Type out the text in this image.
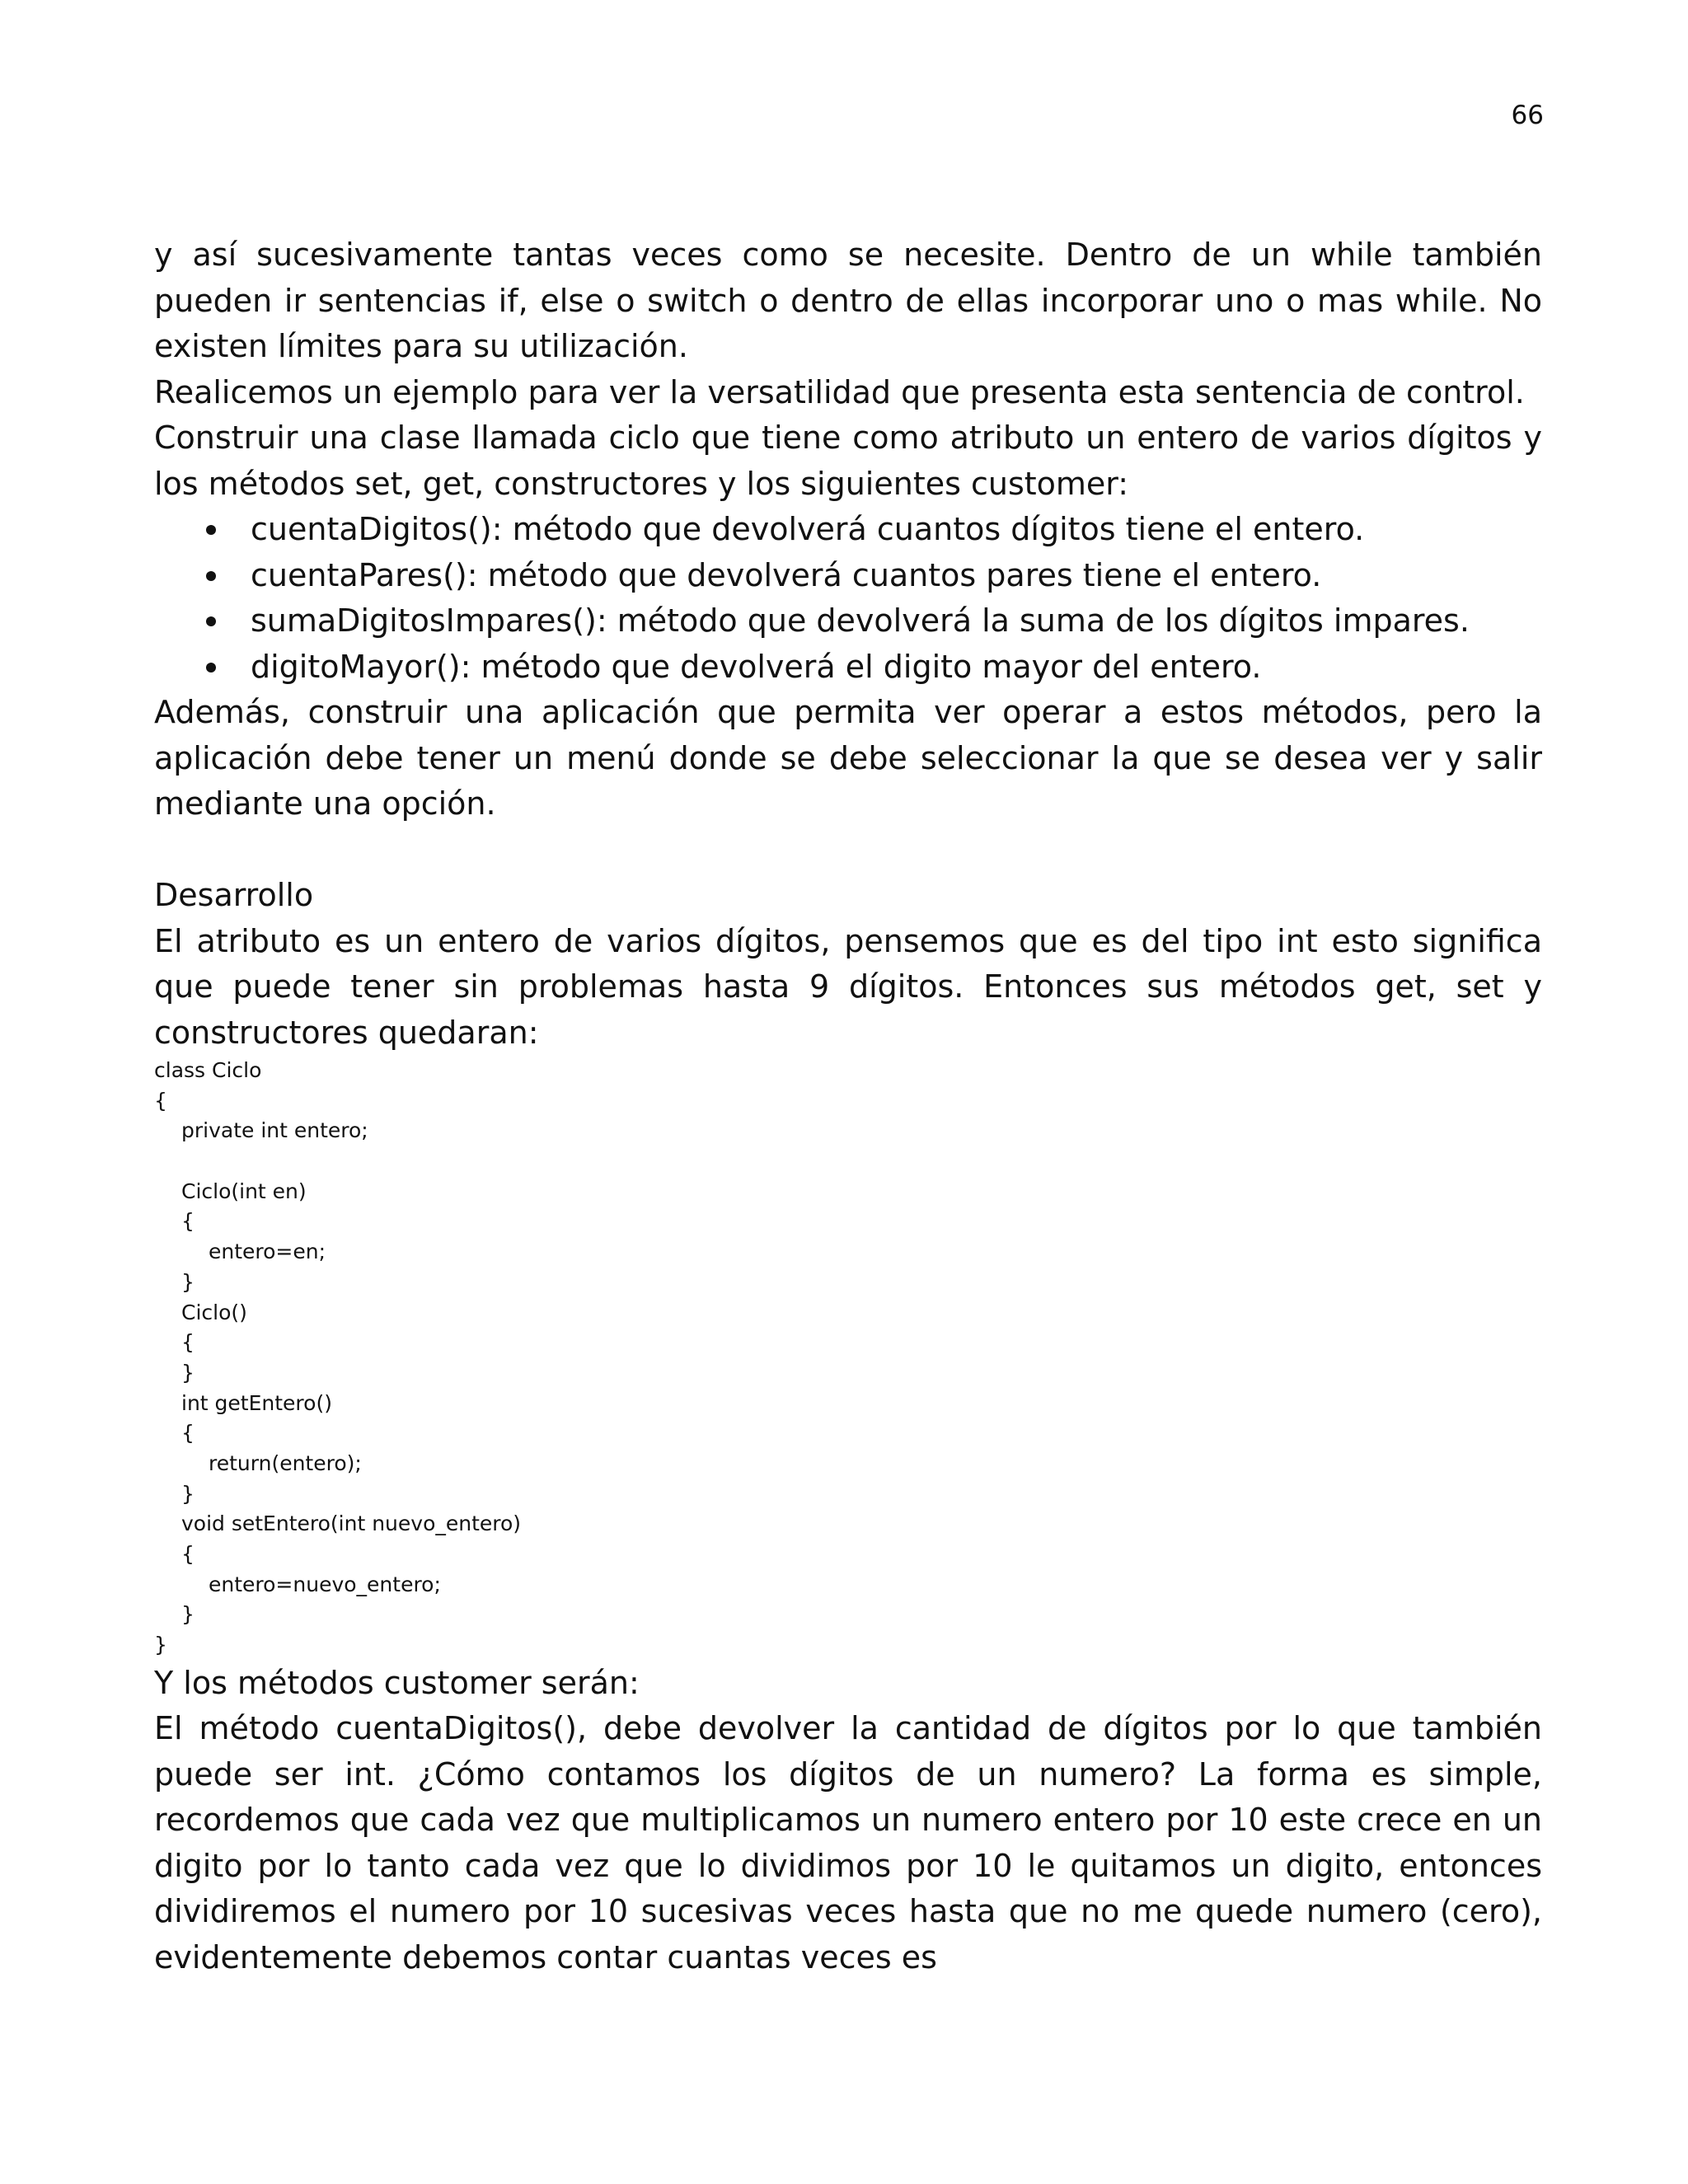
66

y así sucesivamente tantas veces como se necesite. Dentro de un while también pueden ir sentencias if, else o switch o dentro de ellas incorporar uno o mas while. No existen límites para su utilización.

Realicemos un ejemplo para ver la versatilidad que presenta esta sentencia de control.

Construir una clase llamada ciclo que tiene como atributo un entero de varios dígitos y los métodos set, get, constructores y los siguientes customer:

cuentaDigitos(): método que devolverá cuantos dígitos tiene el entero.
cuentaPares(): método que devolverá cuantos pares tiene el entero.
sumaDigitosImpares(): método que devolverá la suma de los dígitos impares.
digitoMayor(): método que devolverá el digito mayor del entero.

Además, construir una aplicación que permita ver operar a estos métodos, pero la aplicación debe tener un menú donde se debe seleccionar la que se desea ver y salir mediante una opción.

Desarrollo

El atributo es un entero de varios dígitos, pensemos que es del tipo int esto significa que puede tener sin problemas hasta 9 dígitos. Entonces sus métodos get, set y constructores quedaran:

class Ciclo
{
private int entero;
Ciclo(int en)
{
entero=en;
}
Ciclo()
{
}
int getEntero()
{
return(entero);
}
void setEntero(int nuevo_entero)
{
entero=nuevo_entero;
}
}

Y los métodos customer serán:

El método cuentaDigitos(), debe devolver la cantidad de dígitos por lo que también puede ser int. ¿Cómo contamos los dígitos de un numero? La forma es simple, recordemos que cada vez que multiplicamos un numero entero por 10 este crece en un digito por lo tanto cada vez que lo dividimos por 10 le quitamos un digito, entonces dividiremos el numero por 10 sucesivas veces hasta que no me quede numero (cero), evidentemente debemos contar cuantas veces es
